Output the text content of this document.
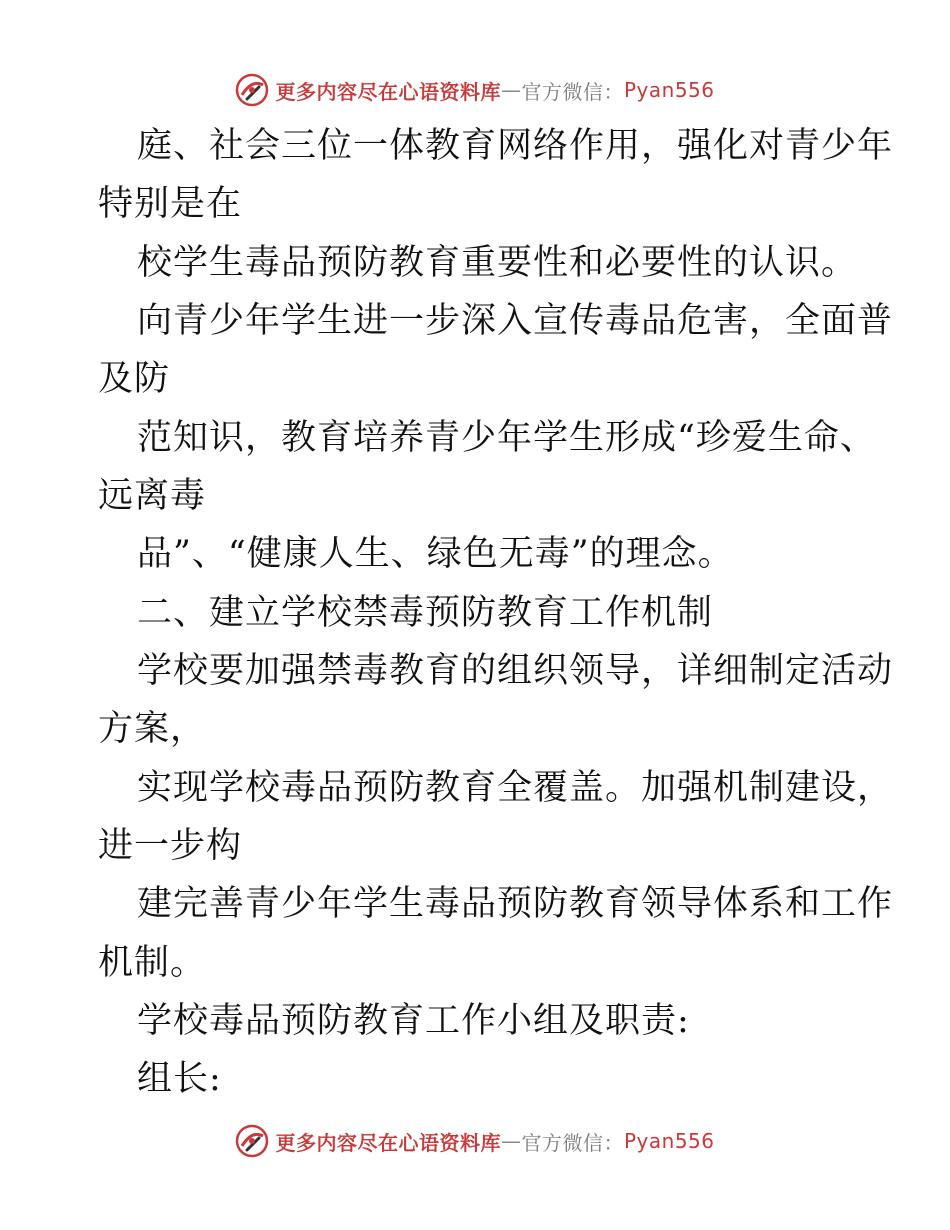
更多内容尽在心语资料库 — 官方微信： Pyan556
庭、社会三位一体教育网络作用，强化对青少年
特别是在
校学生毒品预防教育重要性和必要性的认识。
向青少年学生进一步深入宣传毒品危害，全面普
及防
范知识，教育培养青少年学生形成“珍爱生命、
远离毒
品”、“健康人生、绿色无毒”的理念。
二、建立学校禁毒预防教育工作机制
学校要加强禁毒教育的组织领导，详细制定活动
方案，
实现学校毒品预防教育全覆盖。加强机制建设，
进一步构
建完善青少年学生毒品预防教育领导体系和工作
机制。
学校毒品预防教育工作小组及职责:
组长:
更多内容尽在心语资料库 — 官方微信： Pyan556
